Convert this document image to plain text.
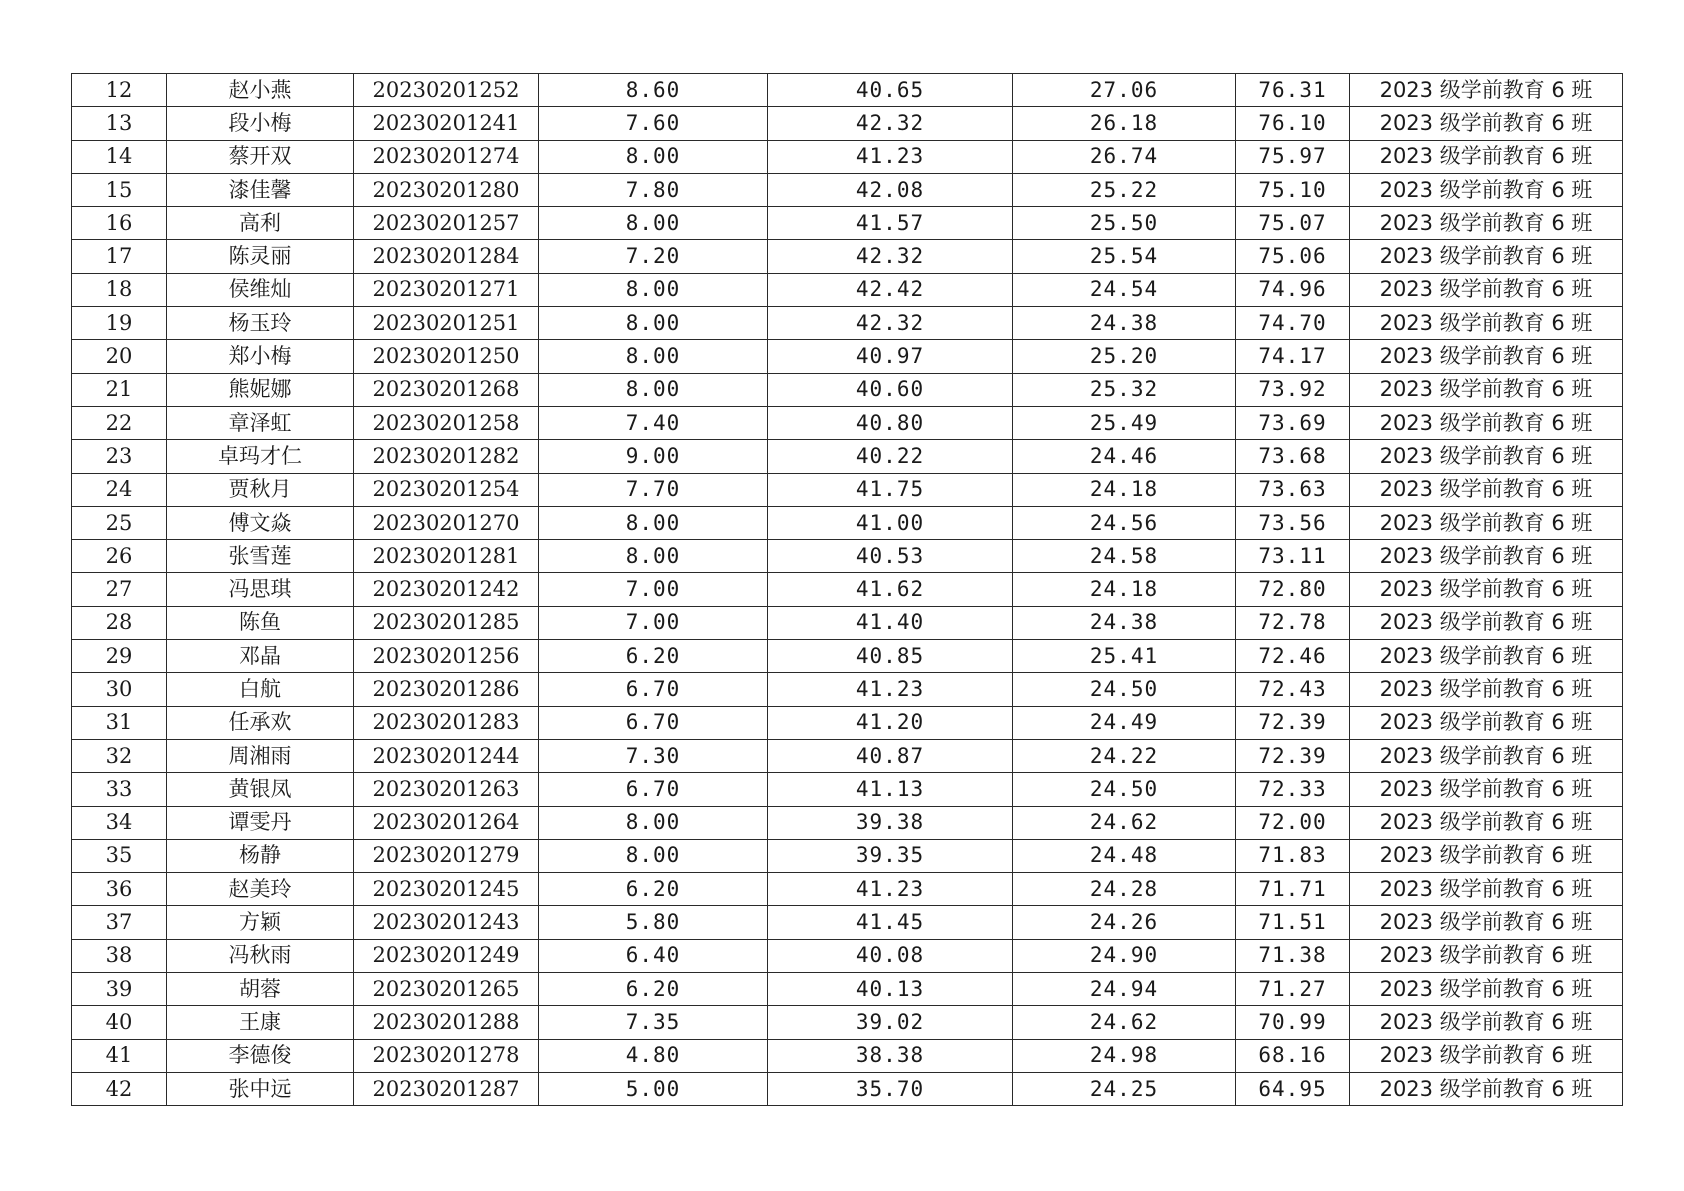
12	赵小燕	20230201252	8.60	40.65	27.06	76.31	2023 级学前教育 6 班
13	段小梅	20230201241	7.60	42.32	26.18	76.10	2023 级学前教育 6 班
14	蔡开双	20230201274	8.00	41.23	26.74	75.97	2023 级学前教育 6 班
15	漆佳馨	20230201280	7.80	42.08	25.22	75.10	2023 级学前教育 6 班
16	高利	20230201257	8.00	41.57	25.50	75.07	2023 级学前教育 6 班
17	陈灵丽	20230201284	7.20	42.32	25.54	75.06	2023 级学前教育 6 班
18	侯维灿	20230201271	8.00	42.42	24.54	74.96	2023 级学前教育 6 班
19	杨玉玲	20230201251	8.00	42.32	24.38	74.70	2023 级学前教育 6 班
20	郑小梅	20230201250	8.00	40.97	25.20	74.17	2023 级学前教育 6 班
21	熊妮娜	20230201268	8.00	40.60	25.32	73.92	2023 级学前教育 6 班
22	章泽虹	20230201258	7.40	40.80	25.49	73.69	2023 级学前教育 6 班
23	卓玛才仁	20230201282	9.00	40.22	24.46	73.68	2023 级学前教育 6 班
24	贾秋月	20230201254	7.70	41.75	24.18	73.63	2023 级学前教育 6 班
25	傅文焱	20230201270	8.00	41.00	24.56	73.56	2023 级学前教育 6 班
26	张雪莲	20230201281	8.00	40.53	24.58	73.11	2023 级学前教育 6 班
27	冯思琪	20230201242	7.00	41.62	24.18	72.80	2023 级学前教育 6 班
28	陈鱼	20230201285	7.00	41.40	24.38	72.78	2023 级学前教育 6 班
29	邓晶	20230201256	6.20	40.85	25.41	72.46	2023 级学前教育 6 班
30	白航	20230201286	6.70	41.23	24.50	72.43	2023 级学前教育 6 班
31	任承欢	20230201283	6.70	41.20	24.49	72.39	2023 级学前教育 6 班
32	周湘雨	20230201244	7.30	40.87	24.22	72.39	2023 级学前教育 6 班
33	黄银凤	20230201263	6.70	41.13	24.50	72.33	2023 级学前教育 6 班
34	谭雯丹	20230201264	8.00	39.38	24.62	72.00	2023 级学前教育 6 班
35	杨静	20230201279	8.00	39.35	24.48	71.83	2023 级学前教育 6 班
36	赵美玲	20230201245	6.20	41.23	24.28	71.71	2023 级学前教育 6 班
37	方颖	20230201243	5.80	41.45	24.26	71.51	2023 级学前教育 6 班
38	冯秋雨	20230201249	6.40	40.08	24.90	71.38	2023 级学前教育 6 班
39	胡蓉	20230201265	6.20	40.13	24.94	71.27	2023 级学前教育 6 班
40	王康	20230201288	7.35	39.02	24.62	70.99	2023 级学前教育 6 班
41	李德俊	20230201278	4.80	38.38	24.98	68.16	2023 级学前教育 6 班
42	张中远	20230201287	5.00	35.70	24.25	64.95	2023 级学前教育 6 班
